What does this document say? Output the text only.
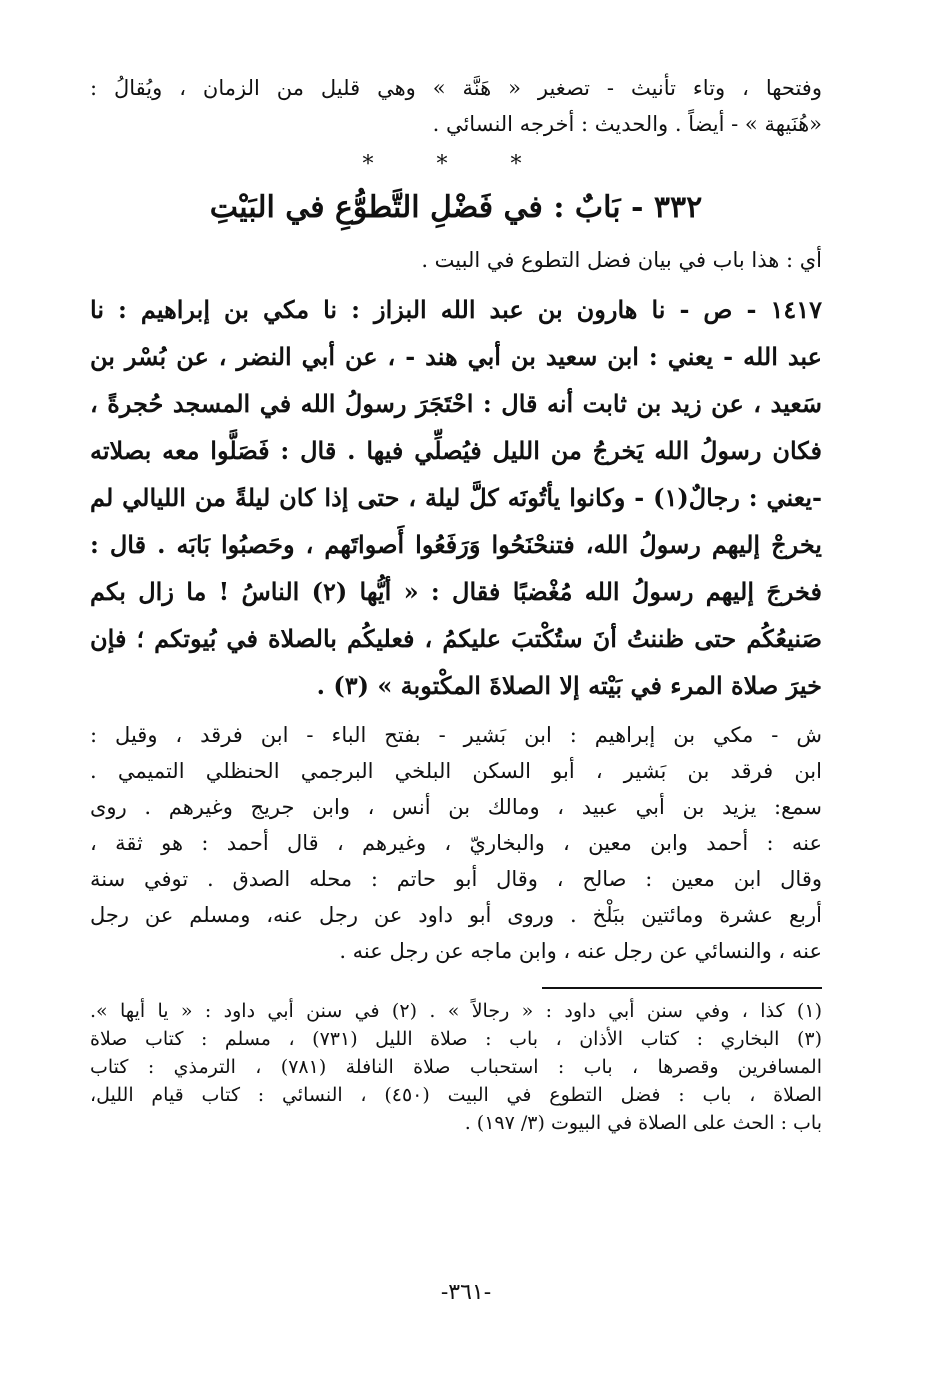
وفتحها ، وتاء تأنيث - تصغير « هَنَّة » وهي قليل من الزمان ، ويُقالُ :

«هُنَيهة » - أيضاً . والحديث : أخرجه النسائي .

* * *
٣٣٢ - بَابٌ : في فَضْلِ التَّطوُّعِ في البَيْتِ

أي : هذا باب في بيان فضل التطوع في البيت .

١٤١٧ - ص - نا هارون بن عبد الله البزاز : نا مكي بن إبراهيم : نا

عبد الله - يعني : ابن سعيد بن أبي هند - ، عن أبي النضر ، عن بُسْر بن

سَعيد ، عن زيد بن ثابت أنه قال : احْتَجَرَ رسولُ الله في المسجد حُجرةً ،

فكان رسولُ الله يَخرجُ من الليل فيُصلِّي فيها . قال : فَصَلَّوا معه بصلاته

-يعني : رجالٌ(١) - وكانوا يأتُونَه كلَّ ليلة ، حتى إذا كان ليلةً من الليالي لم

يخرجْ إليهم رسولُ الله، فتنحْنَحُوا وَرَفَعُوا أَصواتَهم ، وحَصبُوا بَابَه . قال :

فخرجَ إليهم رسولُ الله مُغْضبًا فقال : « أيُّها (٢) الناسُ ! ما زال بكم

صَنيعُكُم حتى ظننتُ أنَ ستُكْتبَ عليكمُ ، فعليكُم بالصلاة في بُيوتكم ؛ فإن

خيرَ صلاة المرء في بَيْته إلا الصلاةَ المكْتوبة » (٣) .

ش - مكي بن إبراهيم : ابن بَشير - بفتح الباء - ابن فرقد ، وقيل :

ابن فرقد بن بَشير ، أبو السكن البلخي البرجمي الحنظلي التميمي .

سمع: يزيد بن أبي عبيد ، ومالك بن أنس ، وابن جريج وغيرهم . روى

عنه : أحمد وابن معين ، والبخاريّ ، وغيرهم ، قال أحمد : هو ثقة ،

وقال ابن معين : صالح ، وقال أبو حاتم : محله الصدق . توفي سنة

أربع عشرة ومائتين ببَلْخ . وروى أبو داود عن رجل عنه، ومسلم عن رجل

عنه ، والنسائي عن رجل عنه ، وابن ماجه عن رجل عنه .

(١) كذا ، وفي سنن أبي داود : « رجالاً » . (٢) في سنن أبي داود : « يا أيها ».

(٣) البخاري : كتاب الأذان ، باب : صلاة الليل (٧٣١) ، مسلم : كتاب صلاة

المسافرين وقصرها ، باب : استحباب صلاة النافلة (٧٨١) ، الترمذي : كتاب

الصلاة ، باب : فضل التطوع في البيت (٤٥٠) ، النسائي : كتاب قيام الليل،

باب : الحث على الصلاة في البيوت (٣/ ١٩٧) .

-٣٦١-
